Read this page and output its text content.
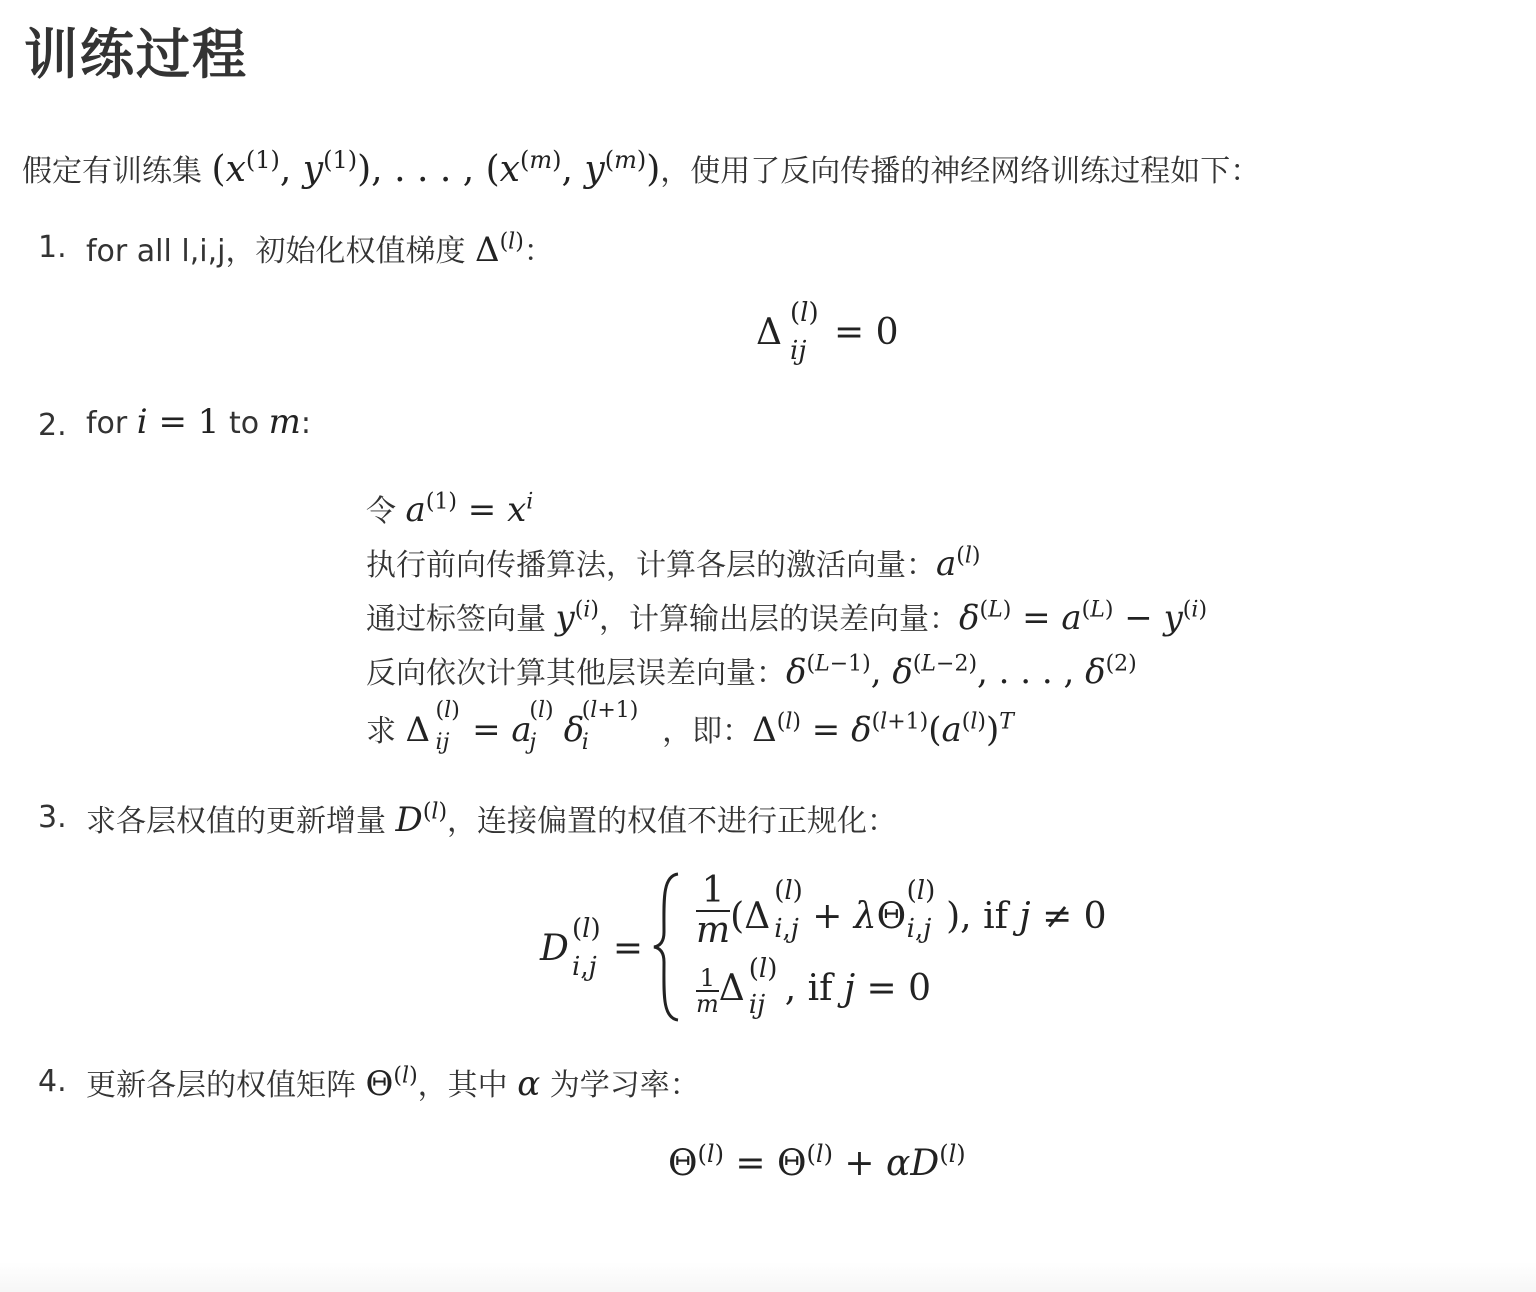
训练过程
假定有训练集 ($x^{(1)}$, $y^{(1)}$), . . . , ($x^{(m)}$, $y^{(m)}$)，使用了反向传播的神经网络训练过程如下：
1. for all l,i,j，初始化权值梯度 $\Delta^{(l)}$：
Δ (l)
ij = 0
2. for i = 1 to m:
令 $a^{(1)} = x^i$
执行前向传播算法，计算各层的激活向量：$a^{(l)}$
通过标签向量 $y^{(i)}$，计算输出层的误差向量：$\delta^{(L)} = a^{(L)} - y^{(i)}$
反向依次计算其他层误差向量：$\delta^{(L-1)}$, $\delta^{(L-2)}$, . . . , $\delta^{(2)}$
求 Δ (l)
ij = a
(l)
j δ
(l+1)
i ，即：$\Delta^{(l)} = \delta^{(l+1)}(a^{(l)})^T$
3. 求各层权值的更新增量 $D^{(l)}$，连接偏置的权值不进行正规化：
D (l)
$i,j = \frac{1}{m} (\Delta$
(l)
i,j + λΘ
(l)
i,j ), if j ≠ 0
$\frac{1}{m}$ Δ (l)
ij , if j = 0
4. 更新各层的权值矩阵 $\Theta^{(l)}$，其中 α 为学习率：
$\Theta^{(l)} = \Theta^{(l)} + \alpha D^{(l)}$
